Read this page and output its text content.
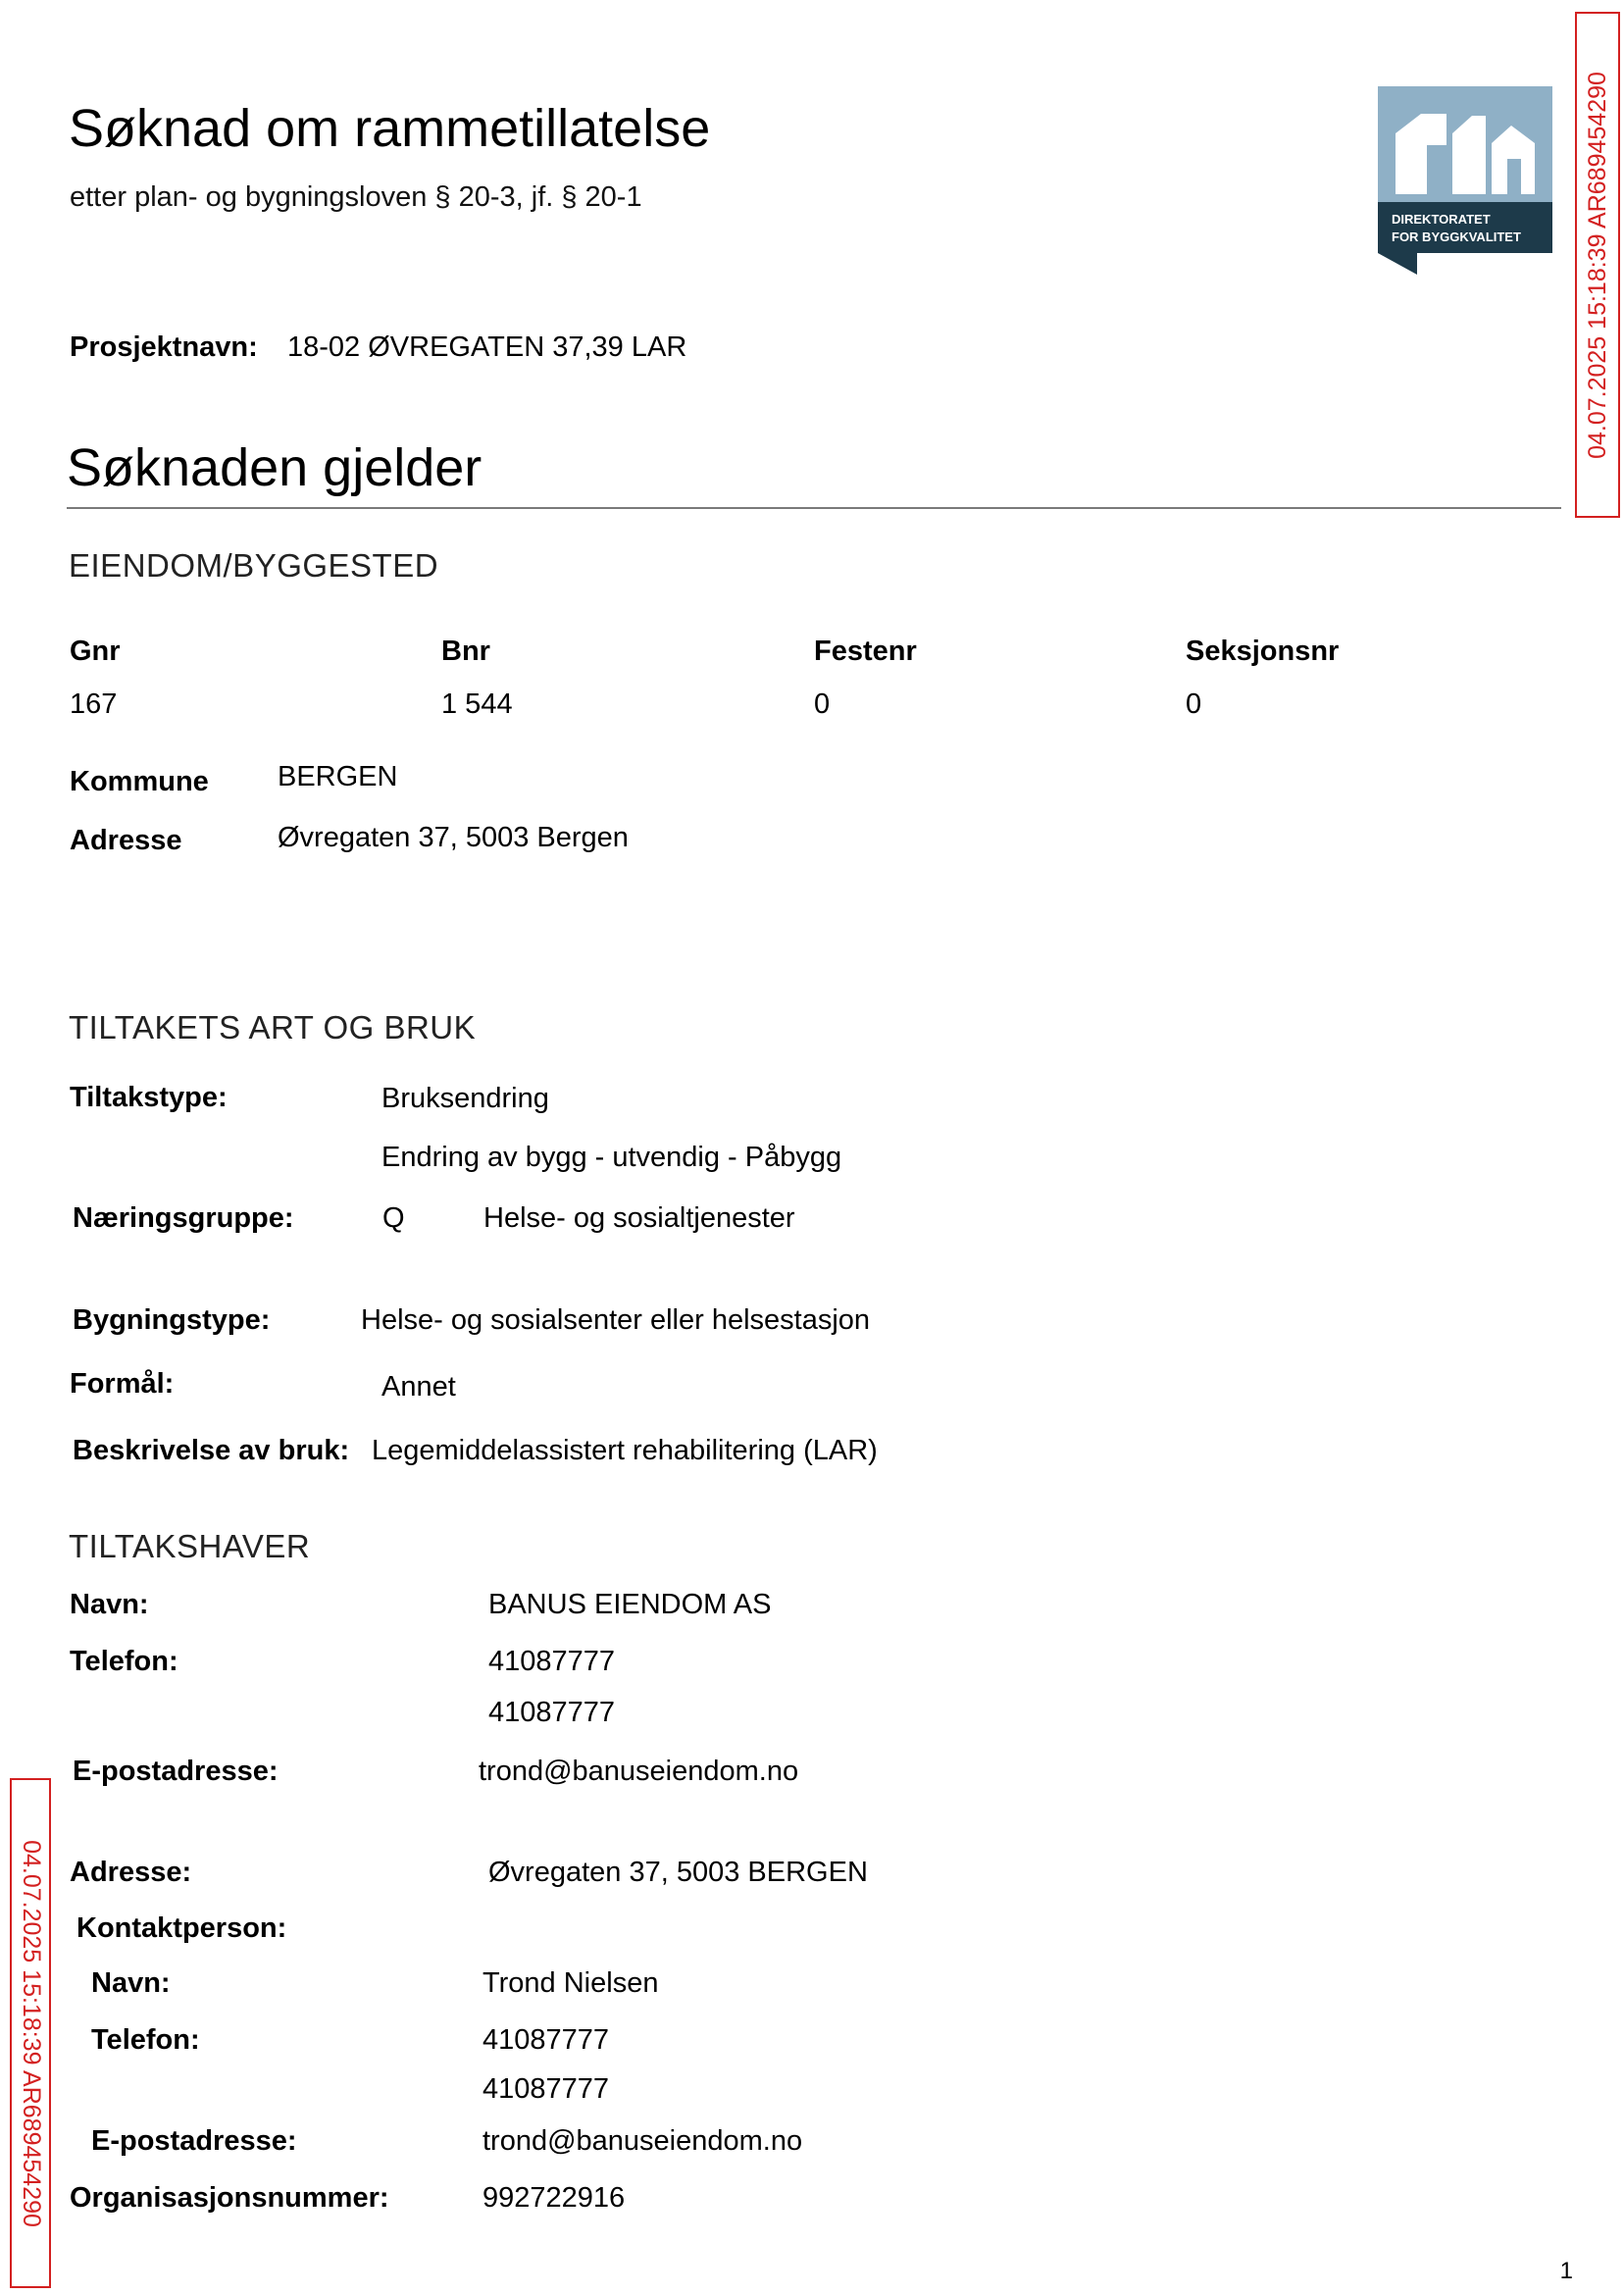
Søknad om rammetillatelse
etter plan- og bygningsloven § 20-3, jf. § 20-1
DIREKTORATET
FOR BYGGKVALITET	04.07.2025 15:18:39 AR689454290
Prosjektnavn: 18-02 ØVREGATEN 37,39 LAR
Søknaden gjelder
EIENDOM/BYGGESTED
Gnr	Bnr	Festenr	Seksjonsnr
167	1 544	0	0
Kommune BERGEN
Adresse	Øvregaten 37, 5003 Bergen
TILTAKETS ART OG BRUK
Tiltakstype:	Bruksendring
Endring av bygg - utvendig - Påbygg
Næringsgruppe:	Q	Helse- og sosialtjenester
Bygningstype:	Helse- og sosialsenter eller helsestasjon
Formål:	Annet
Beskrivelse av bruk: Legemiddelassistert rehabilitering (LAR)
TILTAKSHAVER
Navn:	BANUS EIENDOM AS
Telefon:	41087777
41087777
E-postadresse:	trond@banuseiendom.no
04.07.2025 15:18:39 AR689454290 Adresse:	Øvregaten 37, 5003 BERGEN
Kontaktperson:
Navn:	Trond Nielsen
Telefon:	41087777
41087777
E-postadresse:	trond@banuseiendom.no
Organisasjonsnummer:	992722916
1
